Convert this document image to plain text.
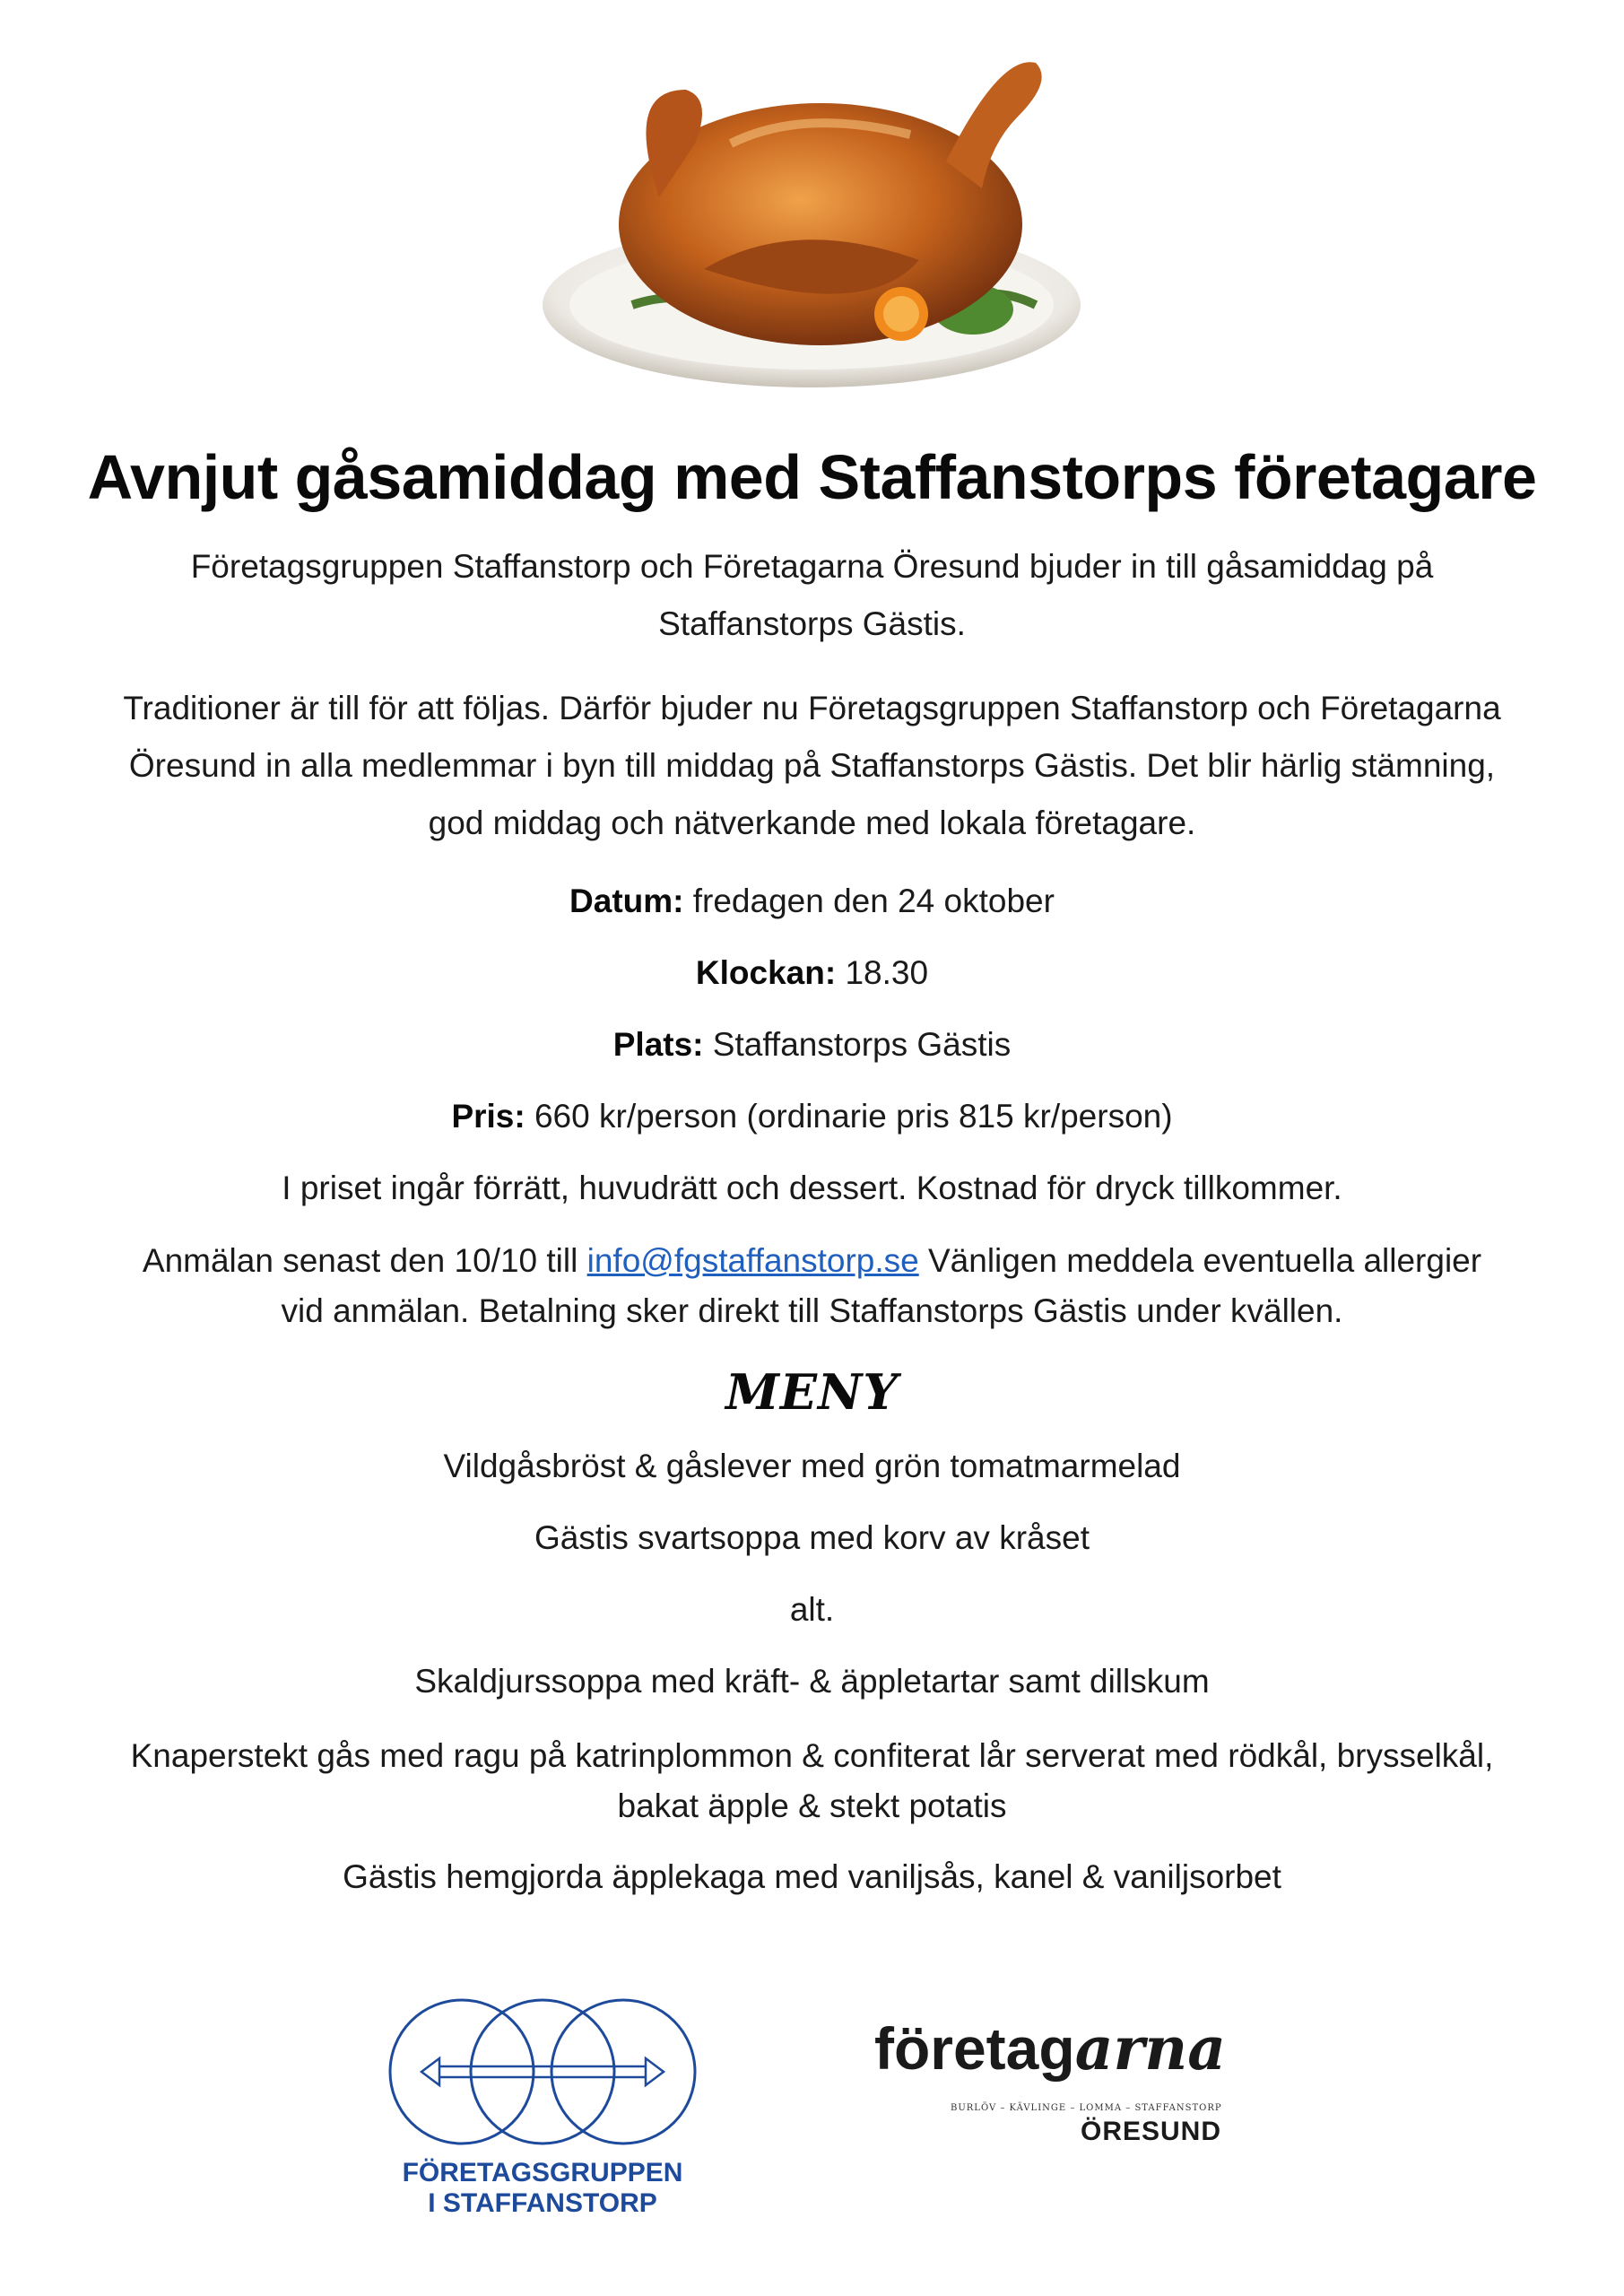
Avnjut gåsamiddag med Staffanstorps företagare

Företagsgruppen Staffanstorp och Företagarna Öresund bjuder in till gåsamiddag på Staffanstorps Gästis.

Traditioner är till för att följas. Därför bjuder nu Företagsgruppen Staffanstorp och Företagarna Öresund in alla medlemmar i byn till middag på Staffanstorps Gästis. Det blir härlig stämning, god middag och nätverkande med lokala företagare.

Datum: fredagen den 24 oktober

Klockan: 18.30

Plats: Staffanstorps Gästis

Pris: 660 kr/person (ordinarie pris 815 kr/person)

I priset ingår förrätt, huvudrätt och dessert. Kostnad för dryck tillkommer.

Anmälan senast den 10/10 till info@fgstaffanstorp.se Vänligen meddela eventuella allergier

vid anmälan. Betalning sker direkt till Staffanstorps Gästis under kvällen.

MENY

Vildgåsbröst & gåslever med grön tomatmarmelad

Gästis svartsoppa med korv av kråset

alt.

Skaldjurssoppa med kräft- & äppletartar samt dillskum

Knaperstekt gås med ragu på katrinplommon & confiterat lår serverat med rödkål, brysselkål,

bakat äpple & stekt potatis

Gästis hemgjorda äpplekaga med vaniljsås, kanel & vaniljsorbet

FÖRETAGSGRUPPEN
I STAFFANSTORP
företagarna
BURLÖV – KÄVLINGE – LOMMA – STAFFANSTORP
ÖRESUND
